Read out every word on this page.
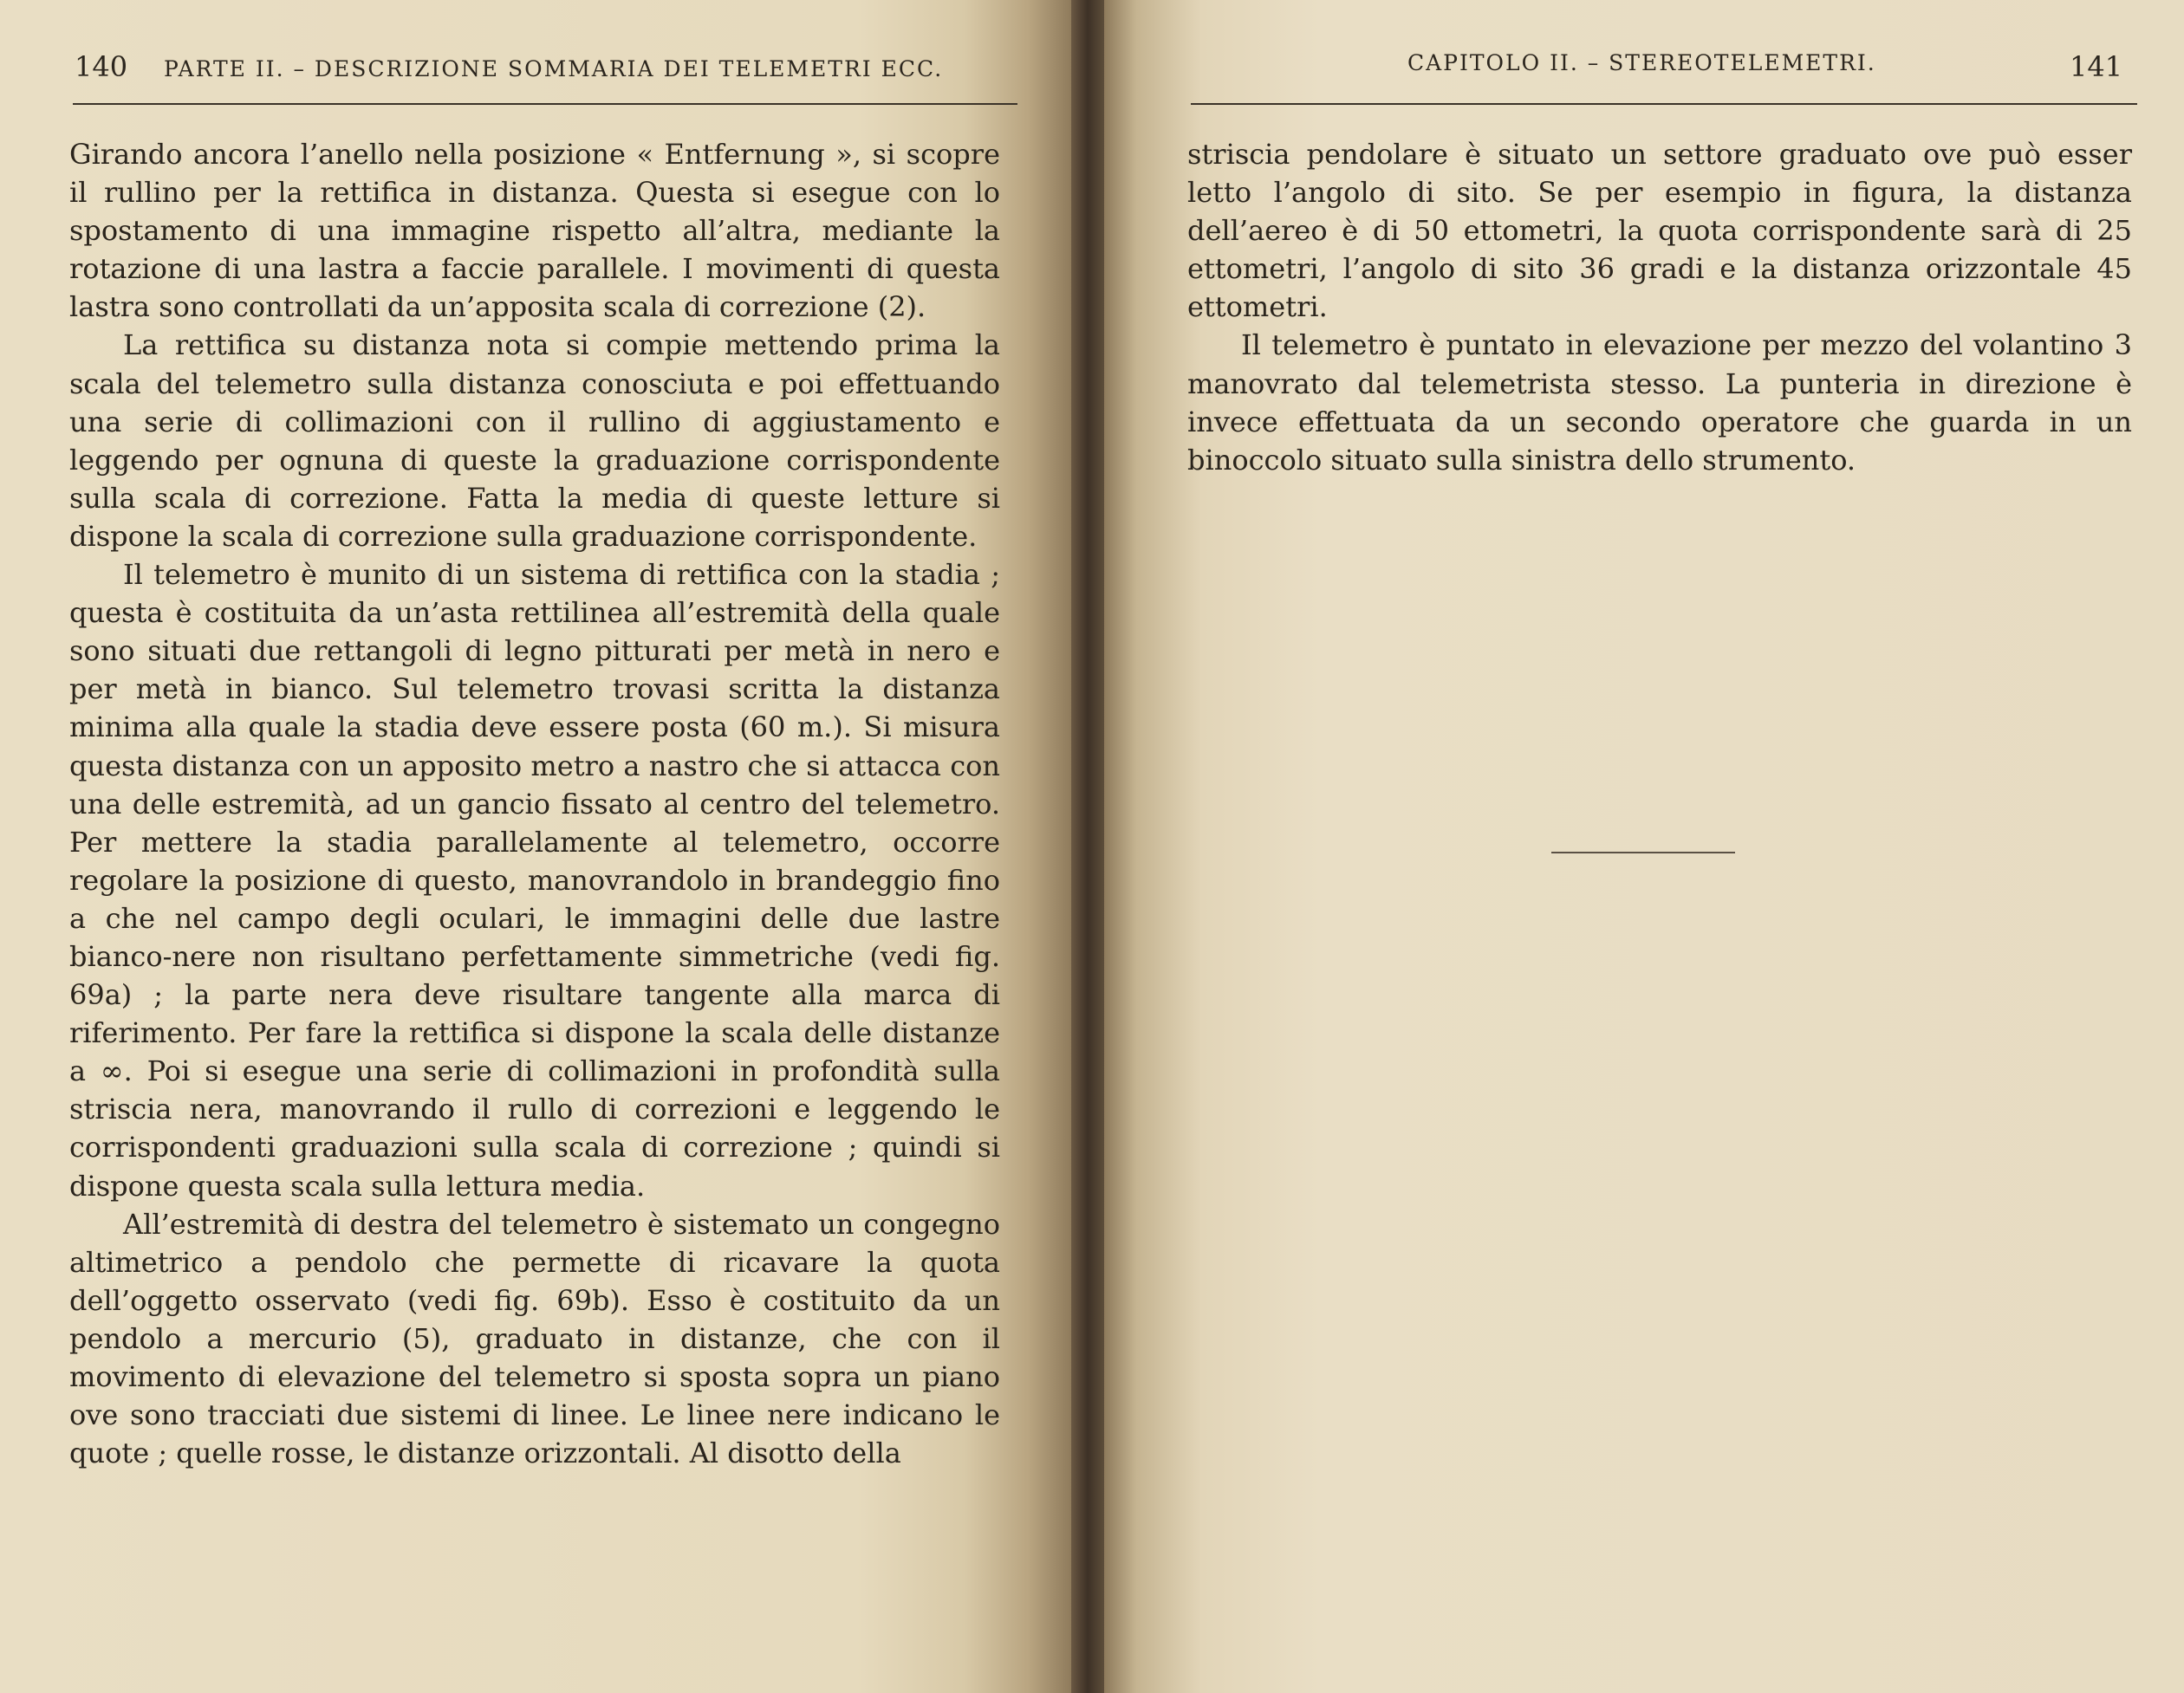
140 PARTE II. – DESCRIZIONE SOMMARIA DEI TELEMETRI ECC.

Girando ancora l’anello nella posizione « Entfernung », si scopre il rullino per la rettifica in distanza. Questa si esegue con lo spostamento di una immagine rispetto all’altra, mediante la rotazione di una lastra a faccie parallele. I movimenti di questa lastra sono controllati da un’apposita scala di correzione (2).

La rettifica su distanza nota si compie mettendo prima la scala del telemetro sulla distanza conosciuta e poi effettuando una serie di collimazioni con il rullino di aggiustamento e leggendo per ognuna di queste la graduazione corrispondente sulla scala di correzione. Fatta la media di queste letture si dispone la scala di correzione sulla graduazione corrispondente.

Il telemetro è munito di un sistema di rettifica con la stadia ; questa è costituita da un’asta rettilinea all’estremità della quale sono situati due rettangoli di legno pitturati per metà in nero e per metà in bianco. Sul telemetro trovasi scritta la distanza minima alla quale la stadia deve essere posta (60 m.). Si misura questa distanza con un apposito metro a nastro che si attacca con una delle estremità, ad un gancio fissato al centro del telemetro. Per mettere la stadia parallelamente al telemetro, occorre regolare la posizione di questo, manovrandolo in brandeggio fino a che nel campo degli oculari, le immagini delle due lastre bianco-nere non risultano perfettamente simmetriche (vedi fig. 69a) ; la parte nera deve risultare tangente alla marca di riferimento. Per fare la rettifica si dispone la scala delle distanze a ∞. Poi si esegue una serie di collimazioni in profondità sulla striscia nera, manovrando il rullo di correzioni e leggendo le corrispondenti graduazioni sulla scala di correzione ; quindi si dispone questa scala sulla lettura media.

All’estremità di destra del telemetro è sistemato un congegno altimetrico a pendolo che permette di ricavare la quota dell’oggetto osservato (vedi fig. 69b). Esso è costituito da un pendolo a mercurio (5), graduato in distanze, che con il movimento di elevazione del telemetro si sposta sopra un piano ove sono tracciati due sistemi di linee. Le linee nere indicano le quote ; quelle rosse, le distanze orizzontali. Al disotto della

CAPITOLO II. – STEREOTELEMETRI.	141

striscia pendolare è situato un settore graduato ove può esser letto l’angolo di sito. Se per esempio in figura, la distanza dell’aereo è di 50 ettometri, la quota corrispondente sarà di 25 ettometri, l’angolo di sito 36 gradi e la distanza orizzontale 45 ettometri.

Il telemetro è puntato in elevazione per mezzo del volantino 3 manovrato dal telemetrista stesso. La punteria in direzione è invece effettuata da un secondo operatore che guarda in un binoccolo situato sulla sinistra dello strumento.
